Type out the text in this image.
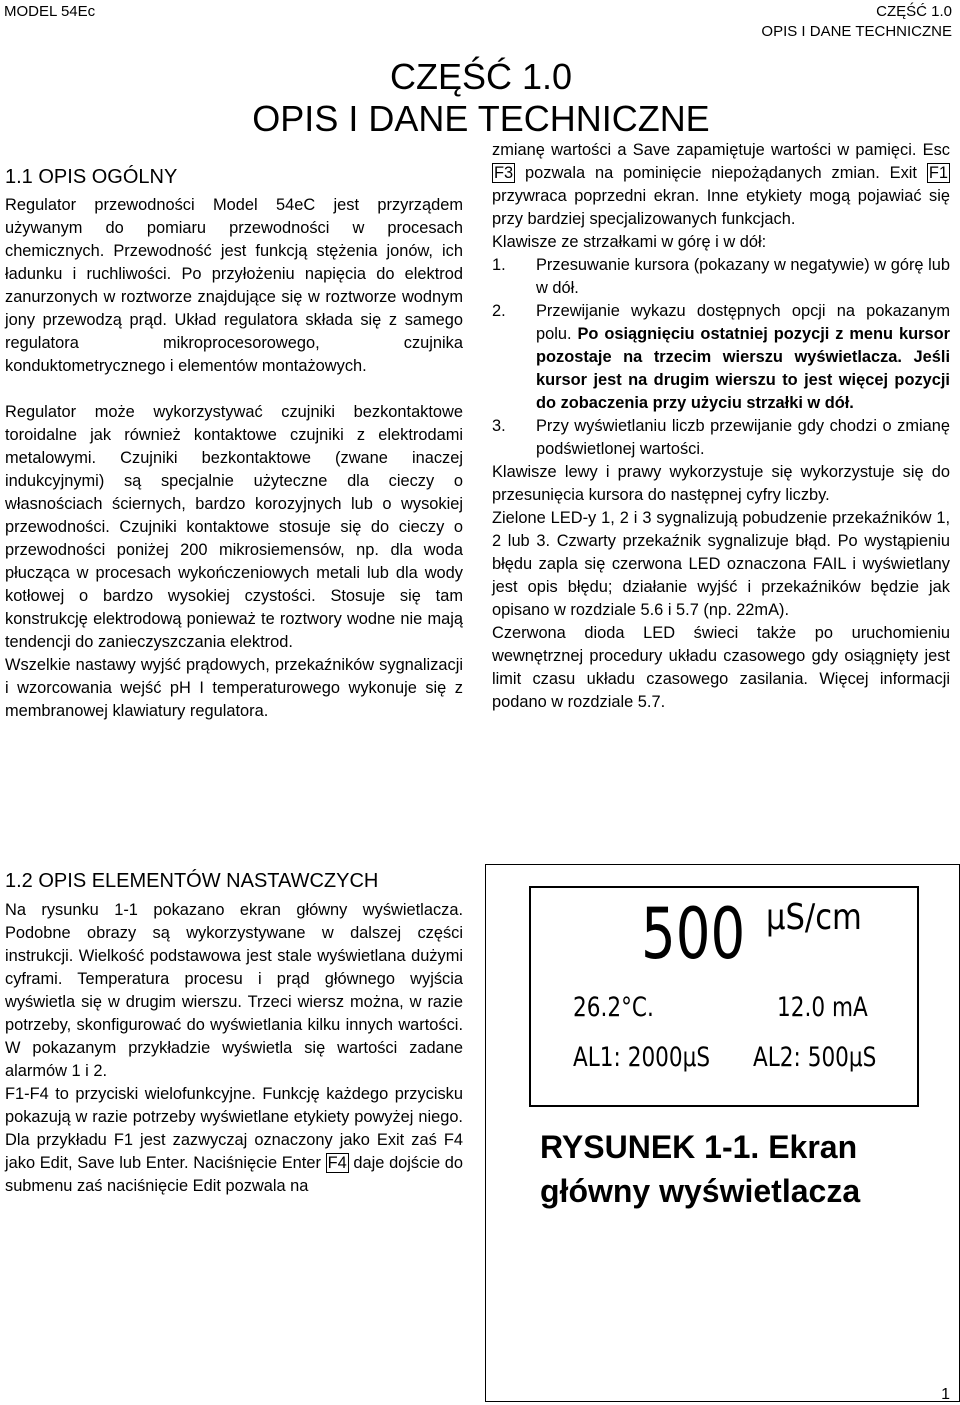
MODEL 54Ec	CZĘŚĆ 1.0
OPIS I DANE TECHNICZNE
CZĘŚĆ 1.0
OPIS I DANE TECHNICZNE
1.1 OPIS OGÓLNY

Regulator przewodności Model 54eC jest przyrządem używanym do pomiaru przewodności w procesach chemicznych. Przewodność jest funkcją stężenia jonów, ich ładunku i ruchliwości. Po przyłożeniu napięcia do elektrod zanurzonych w roztworze znajdujące się w roztworze wodnym jony przewodzą prąd. Układ regulatora składa się z samego regulatora mikroprocesorowego, czujnika konduktometrycznego i elementów montażowych.

Regulator może wykorzystywać czujniki bezkontaktowe toroidalne jak również kontaktowe czujniki z elektrodami metalowymi. Czujniki bezkontaktowe (zwane inaczej indukcyjnymi) są specjalnie użyteczne dla cieczy o własnościach ściernych, bardzo korozyjnych lub o wysokiej przewodności. Czujniki kontaktowe stosuje się do cieczy o przewodności poniżej 200 mikrosiemensów, np. dla woda płucząca w procesach wykończeniowych metali lub dla wody kotłowej o bardzo wysokiej czystości. Stosuje się tam konstrukcję elektrodową ponieważ te roztwory wodne nie mają tendencji do zanieczyszczania elektrod.

Wszelkie nastawy wyjść prądowych, przekaźników sygnalizacji i wzorcowania wejść pH I temperaturowego wykonuje się z membranowej klawiatury regulatora.

1.2 OPIS ELEMENTÓW NASTAWCZYCH

Na rysunku 1-1 pokazano ekran główny wyświetlacza. Podobne obrazy są wykorzystywane w dalszej części instrukcji. Wielkość podstawowa jest stale wyświetlana dużymi cyframi. Temperatura procesu i prąd głównego wyjścia wyświetla się w drugim wierszu. Trzeci wiersz można, w razie potrzeby, skonfigurować do wyświetlania kilku innych wartości. W pokazanym przykładzie wyświetla się wartości zadane alarmów 1 i 2.

F1-F4 to przyciski wielofunkcyjne. Funkcję każdego przycisku pokazują w razie potrzeby wyświetlane etykiety powyżej niego. Dla przykładu F1 jest zazwyczaj oznaczony jako Exit zaś F4 jako Edit, Save lub Enter. Naciśnięcie Enter F4 daje dojście do submenu zaś naciśnięcie Edit pozwala na

zmianę wartości a Save zapamiętuje wartości w pamięci. Esc F3 pozwala na pominięcie niepożądanych zmian. Exit F1 przywraca poprzedni ekran. Inne etykiety mogą pojawiać się przy bardziej specjalizowanych funkcjach.

Klawisze ze strzałkami w górę i w dół:

1.	Przesuwanie kursora (pokazany w negatywie) w górę lub w dół.
2.	Przewijanie wykazu dostępnych opcji na pokazanym polu. Po osiągnięciu ostatniej pozycji z menu kursor pozostaje na trzecim wierszu wyświetlacza. Jeśli kursor jest na drugim wierszu to jest więcej pozycji do zobaczenia przy użyciu strzałki w dół.
3.	Przy wyświetlaniu liczb przewijanie gdy chodzi o zmianę podświetlonej wartości.

Klawisze lewy i prawy wykorzystuje się wykorzystuje się do przesunięcia kursora do następnej cyfry liczby.

Zielone LED-y 1, 2 i 3 sygnalizują pobudzenie przekaźników 1, 2 lub 3. Czwarty przekaźnik sygnalizuje błąd. Po wystąpieniu błędu zapla się czerwona LED oznaczona FAIL i wyświetlany jest opis błędu; działanie wyjść i przekaźników będzie jak opisano w rozdziale 5.6 i 5.7 (np. 22mA).

Czerwona dioda LED świeci także po uruchomieniu wewnętrznej procedury układu czasowego gdy osiągnięty jest limit czasu układu czasowego zasilania. Więcej informacji podano w rozdziale 5.7.

500 µS/cm
26.2°C.	12.0 mA
AL1: 2000µS AL2: 500µS
RYSUNEK 1-1. Ekran
główny wyświetlacza
1
